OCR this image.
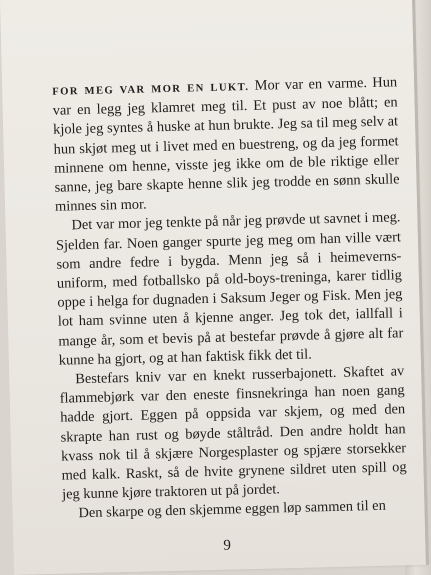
FOR MEG VAR MOR EN LUKT. Mor var en varme. Hun var en legg jeg klamret meg til. Et pust av noe blått; en kjole jeg syntes å huske at hun brukte. Jeg sa til meg selv at hun skjøt meg ut i livet med en buestreng, og da jeg formet minnene om henne, visste jeg ikke om de ble riktige eller sanne, jeg bare skapte henne slik jeg trodde en sønn skulle minnes sin mor.

Det var mor jeg tenkte på når jeg prøvde ut savnet i meg. Sjelden far. Noen ganger spurte jeg meg om han ville vært som andre fedre i bygda. Menn jeg så i heimeverns-uniform, med fotballsko på old-boys-treninga, karer tidlig oppe i helga for dugnaden i Saksum Jeger og Fisk. Men jeg lot ham svinne uten å kjenne anger. Jeg tok det, iallfall i mange år, som et bevis på at bestefar prøvde å gjøre alt far kunne ha gjort, og at han faktisk fikk det til.

Bestefars kniv var en knekt russerbajonett. Skaftet av flammebjørk var den eneste finsnekringa han noen gang hadde gjort. Eggen på oppsida var skjem, og med den skrapte han rust og bøyde ståltråd. Den andre holdt han kvass nok til å skjære Norgesplaster og spjære storsekker med kalk. Raskt, så de hvite grynene sildret uten spill og jeg kunne kjøre traktoren ut på jordet.

Den skarpe og den skjemme eggen løp sammen til en

9
